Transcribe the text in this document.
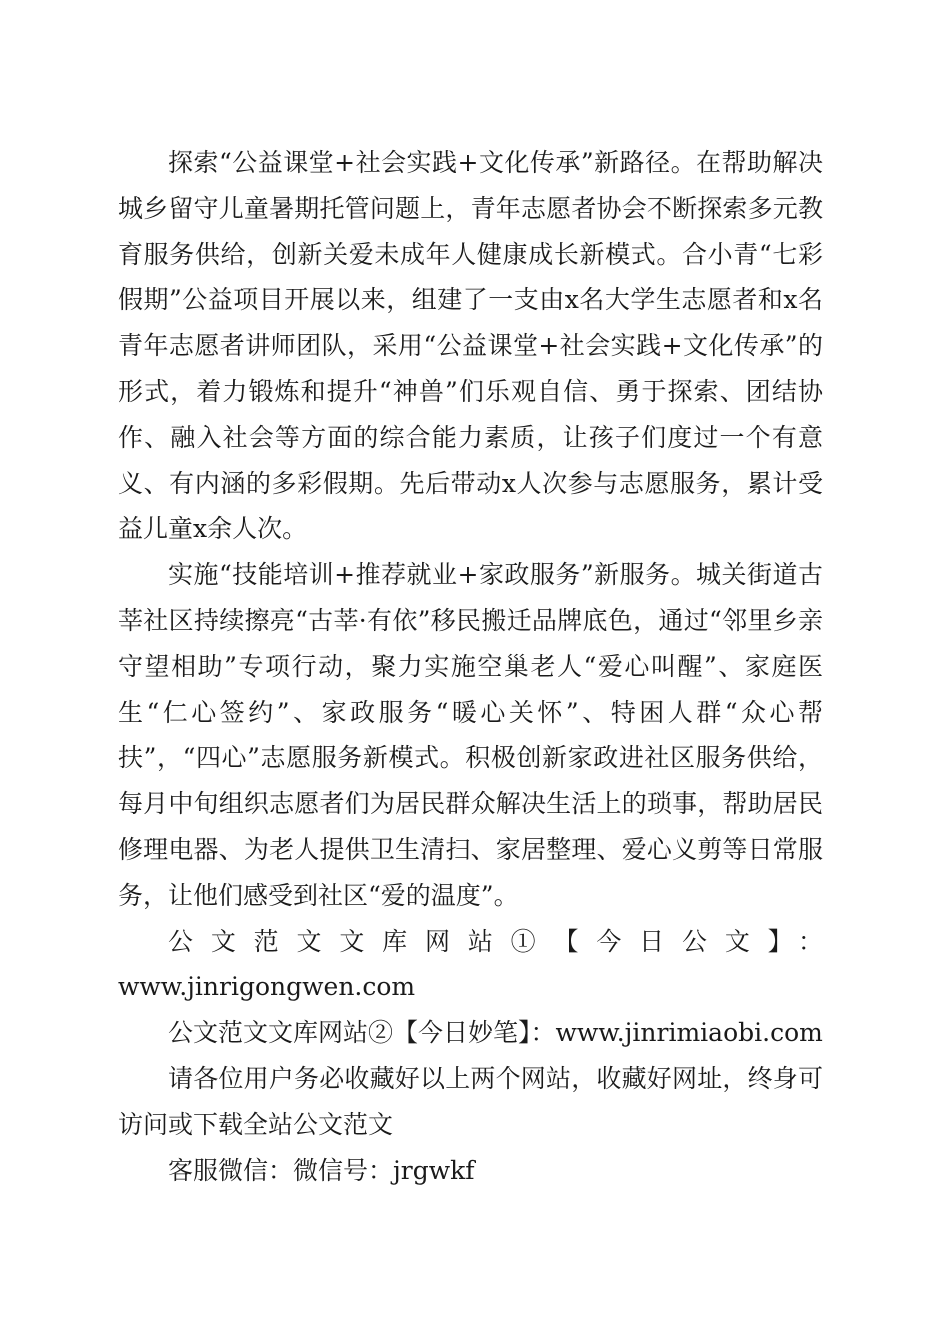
探索“公益课堂+社会实践+文化传承”新路径。在帮助解决城乡留守儿童暑期托管问题上，青年志愿者协会不断探索多元教育服务供给，创新关爱未成年人健康成长新模式。合小青“七彩假期”公益项目开展以来，组建了一支由x名大学生志愿者和x名青年志愿者讲师团队，采用“公益课堂+社会实践+文化传承”的形式，着力锻炼和提升“神兽”们乐观自信、勇于探索、团结协作、融入社会等方面的综合能力素质，让孩子们度过一个有意义、有内涵的多彩假期。先后带动x人次参与志愿服务，累计受益儿童x余人次。

实施“技能培训+推荐就业+家政服务”新服务。城关街道古莘社区持续擦亮“古莘·有依”移民搬迁品牌底色，通过“邻里乡亲守望相助”专项行动，聚力实施空巢老人“爱心叫醒”、家庭医生“仁心签约”、家政服务“暖心关怀”、特困人群“众心帮扶”，“四心”志愿服务新模式。积极创新家政进社区服务供给，每月中旬组织志愿者们为居民群众解决生活上的琐事，帮助居民修理电器、为老人提供卫生清扫、家居整理、爱心义剪等日常服务，让他们感受到社区“爱的温度”。

公文范文文库网站①【今日公文】：

www.jinrigongwen.com

公文范文文库网站②【今日妙笔】：www.jinrimiaobi.com

请各位用户务必收藏好以上两个网站，收藏好网址，终身可访问或下载全站公文范文

客服微信：微信号：jrgwkf
